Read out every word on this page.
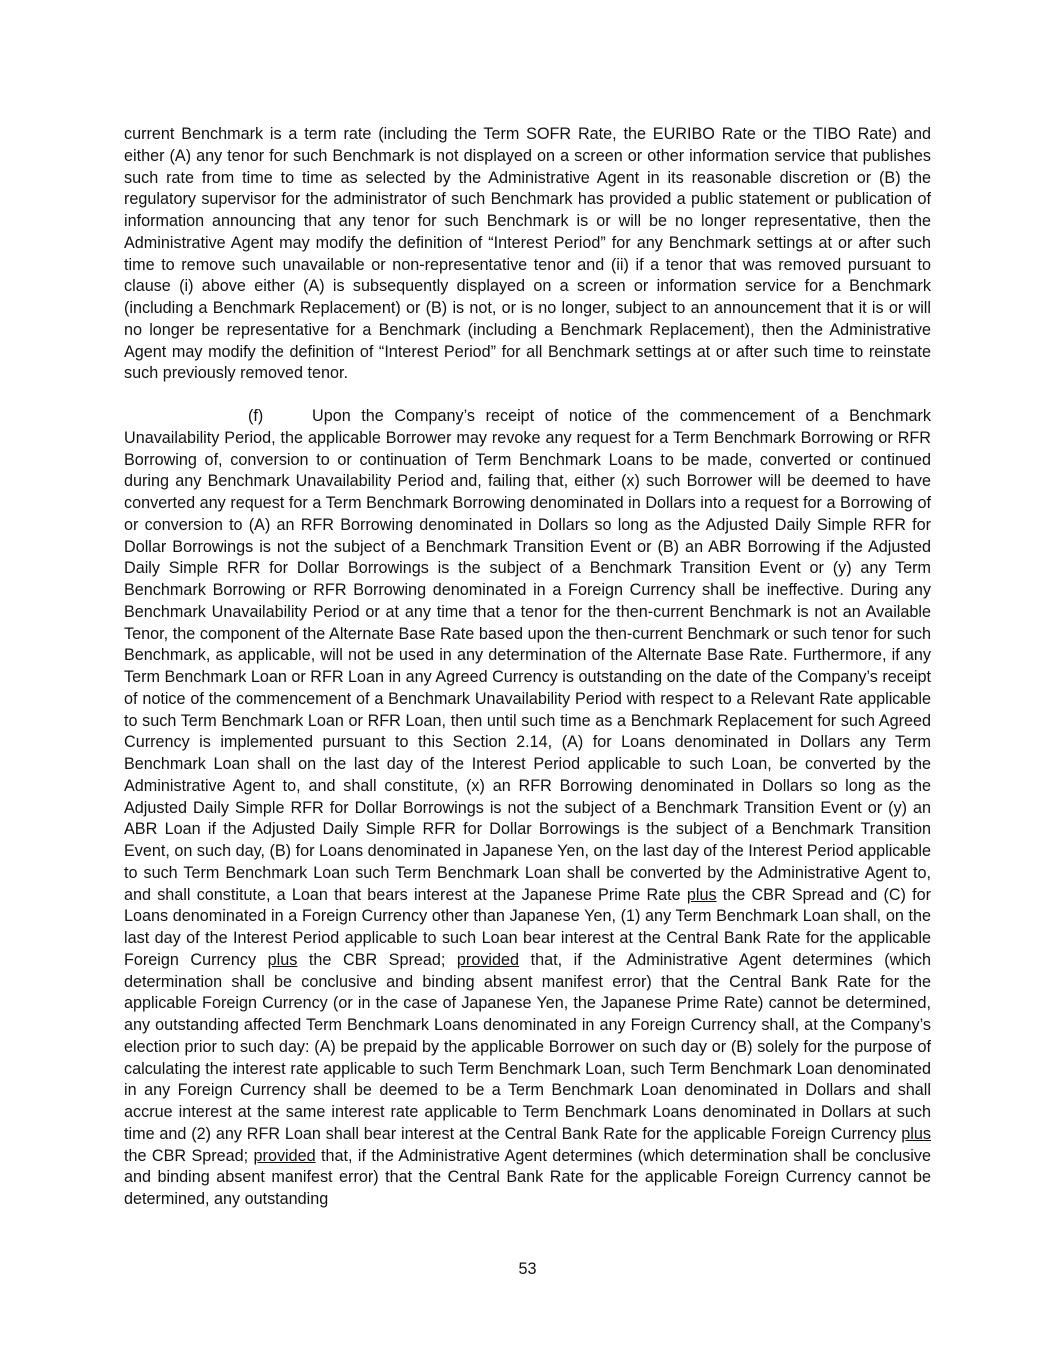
current Benchmark is a term rate (including the Term SOFR Rate, the EURIBO Rate or the TIBO Rate) and either (A) any tenor for such Benchmark is not displayed on a screen or other information service that publishes such rate from time to time as selected by the Administrative Agent in its reasonable discretion or (B) the regulatory supervisor for the administrator of such Benchmark has provided a public statement or publication of information announcing that any tenor for such Benchmark is or will be no longer representative, then the Administrative Agent may modify the definition of “Interest Period” for any Benchmark settings at or after such time to remove such unavailable or non-representative tenor and (ii) if a tenor that was removed pursuant to clause (i) above either (A) is subsequently displayed on a screen or information service for a Benchmark (including a Benchmark Replacement) or (B) is not, or is no longer, subject to an announcement that it is or will no longer be representative for a Benchmark (including a Benchmark Replacement), then the Administrative Agent may modify the definition of “Interest Period” for all Benchmark settings at or after such time to reinstate such previously removed tenor.

(f)	Upon the Company’s receipt of notice of the commencement of a Benchmark Unavailability Period, the applicable Borrower may revoke any request for a Term Benchmark Borrowing or RFR Borrowing of, conversion to or continuation of Term Benchmark Loans to be made, converted or continued during any Benchmark Unavailability Period and, failing that, either (x) such Borrower will be deemed to have converted any request for a Term Benchmark Borrowing denominated in Dollars into a request for a Borrowing of or conversion to (A) an RFR Borrowing denominated in Dollars so long as the Adjusted Daily Simple RFR for Dollar Borrowings is not the subject of a Benchmark Transition Event or (B) an ABR Borrowing if the Adjusted Daily Simple RFR for Dollar Borrowings is the subject of a Benchmark Transition Event or (y) any Term Benchmark Borrowing or RFR Borrowing denominated in a Foreign Currency shall be ineffective. During any Benchmark Unavailability Period or at any time that a tenor for the then-current Benchmark is not an Available Tenor, the component of the Alternate Base Rate based upon the then-current Benchmark or such tenor for such Benchmark, as applicable, will not be used in any determination of the Alternate Base Rate. Furthermore, if any Term Benchmark Loan or RFR Loan in any Agreed Currency is outstanding on the date of the Company’s receipt of notice of the commencement of a Benchmark Unavailability Period with respect to a Relevant Rate applicable to such Term Benchmark Loan or RFR Loan, then until such time as a Benchmark Replacement for such Agreed Currency is implemented pursuant to this Section 2.14, (A) for Loans denominated in Dollars any Term Benchmark Loan shall on the last day of the Interest Period applicable to such Loan, be converted by the Administrative Agent to, and shall constitute, (x) an RFR Borrowing denominated in Dollars so long as the Adjusted Daily Simple RFR for Dollar Borrowings is not the subject of a Benchmark Transition Event or (y) an ABR Loan if the Adjusted Daily Simple RFR for Dollar Borrowings is the subject of a Benchmark Transition Event, on such day, (B) for Loans denominated in Japanese Yen, on the last day of the Interest Period applicable to such Term Benchmark Loan such Term Benchmark Loan shall be converted by the Administrative Agent to, and shall constitute, a Loan that bears interest at the Japanese Prime Rate plus the CBR Spread and (C) for Loans denominated in a Foreign Currency other than Japanese Yen, (1) any Term Benchmark Loan shall, on the last day of the Interest Period applicable to such Loan bear interest at the Central Bank Rate for the applicable Foreign Currency plus the CBR Spread; provided that, if the Administrative Agent determines (which determination shall be conclusive and binding absent manifest error) that the Central Bank Rate for the applicable Foreign Currency (or in the case of Japanese Yen, the Japanese Prime Rate) cannot be determined, any outstanding affected Term Benchmark Loans denominated in any Foreign Currency shall, at the Company’s election prior to such day: (A) be prepaid by the applicable Borrower on such day or (B) solely for the purpose of calculating the interest rate applicable to such Term Benchmark Loan, such Term Benchmark Loan denominated in any Foreign Currency shall be deemed to be a Term Benchmark Loan denominated in Dollars and shall accrue interest at the same interest rate applicable to Term Benchmark Loans denominated in Dollars at such time and (2) any RFR Loan shall bear interest at the Central Bank Rate for the applicable Foreign Currency plus the CBR Spread; provided that, if the Administrative Agent determines (which determination shall be conclusive and binding absent manifest error) that the Central Bank Rate for the applicable Foreign Currency cannot be determined, any outstanding

53
